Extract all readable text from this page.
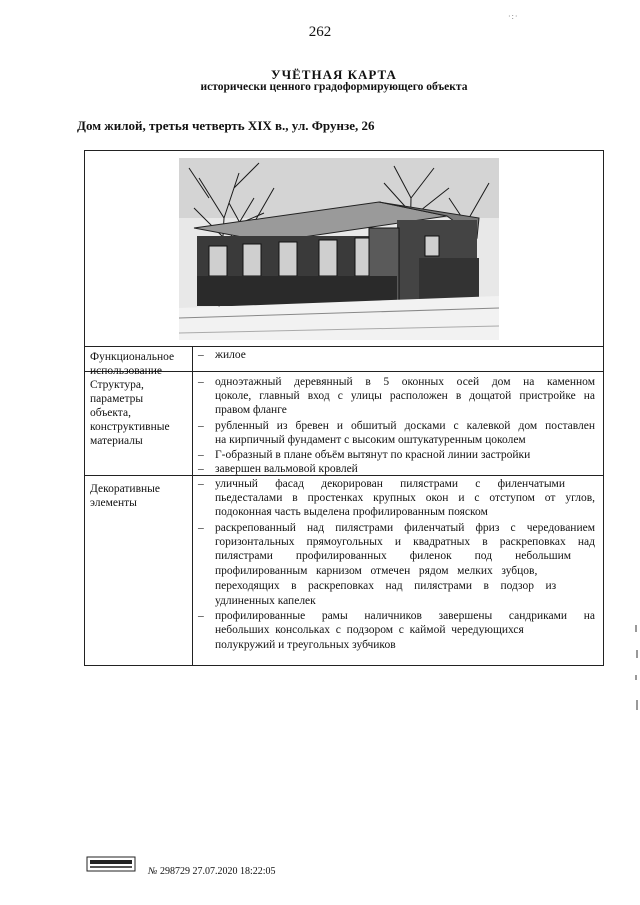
262
·:·
УЧЁТНАЯ КАРТА
исторически ценного градоформирующего объекта
Дом жилой, третья четверть XIX в., ул. Фрунзе, 26
Функциональное
использование
– жилое
Структура,
параметры
объекта,
конструктивные
материалы
– одноэтажный деревянный в 5 оконных осей дом на каменном
цоколе, главный вход с улицы расположен в дощатой пристройке на
правом фланге
– рубленный из бревен и обшитый досками с калевкой дом поставлен
на кирпичный фундамент с высоким оштукатуренным цоколем
– Г-образный в плане объём вытянут по красной линии застройки
– завершен вальмовой кровлей
Декоративные
элементы
– уличный      фасад      декорирован      пилястрами      с      филенчатыми
пьедесталами в простенках крупных окон и с отступом от углов,
подоконная часть выделена профилированным пояском
– раскрепованный над пилястрами филенчатый фриз с чередованием
горизонтальных прямоугольных и квадратных в раскреповках над
пилястрами        профилированных        филенок        под        небольшим
профилированным   карнизом   отмечен   рядом   мелких   зубцов,
переходящих    в    раскреповках    над    пилястрами    в    подзор    из
удлиненных капелек
– профилированные рамы наличников завершены сандриками на
небольших  консольках  с  подзором  с  каймой  чередующихся
полукружий и треугольных зубчиков
№ 298729 27.07.2020 18:22:05
